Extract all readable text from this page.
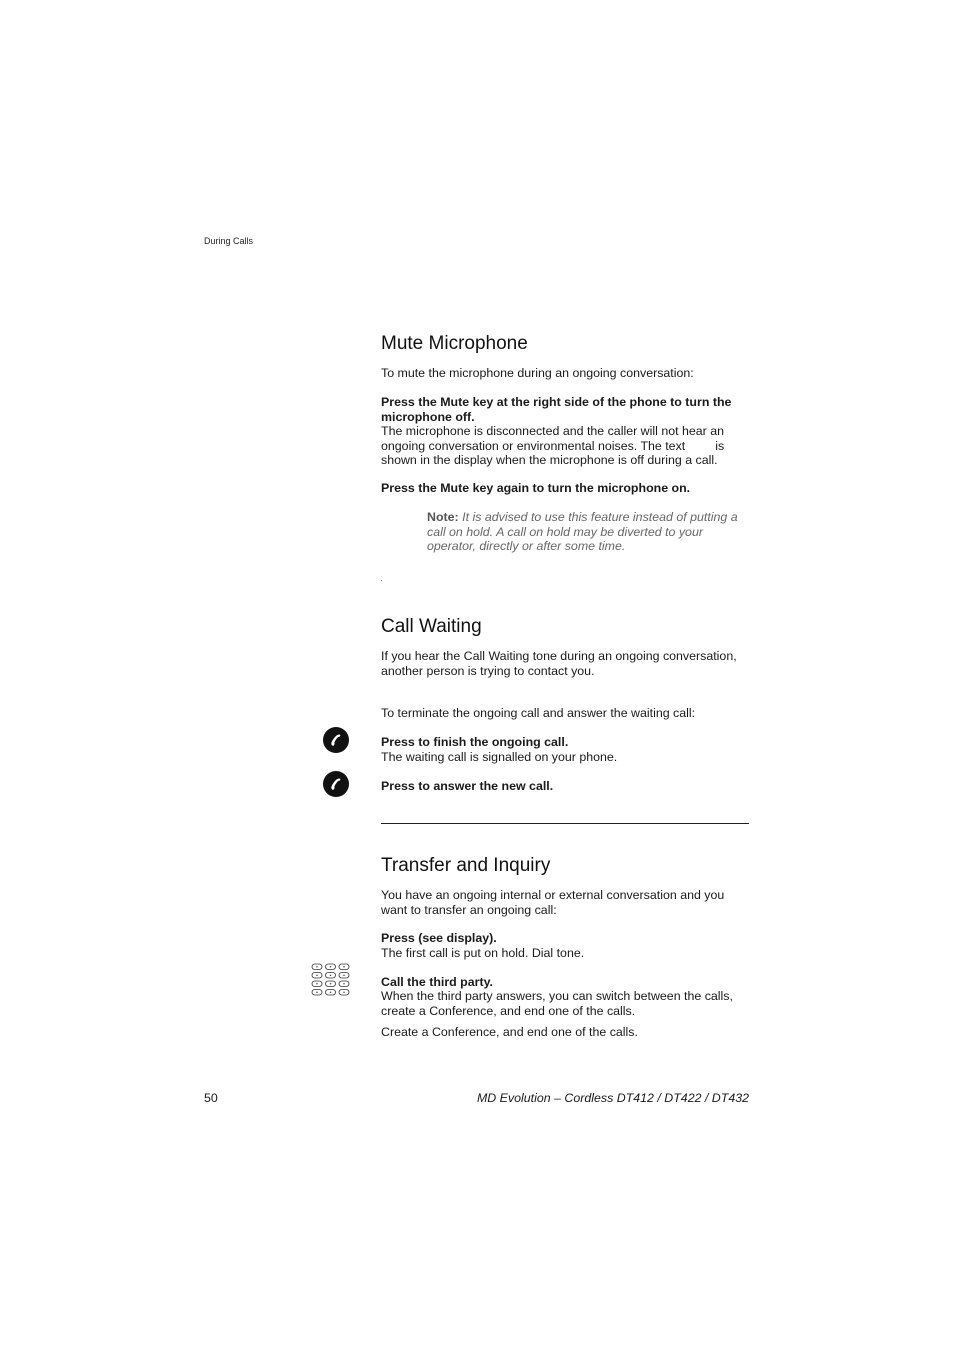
During Calls
Mute Microphone
To mute the microphone during an ongoing conversation:
Press the Mute key at the right side of the phone to turn the microphone off.
The microphone is disconnected and the caller will not hear an
ongoing conversation or environmental noises. The text is
shown in the display when the microphone is off during a call.
Press the Mute key again to turn the microphone on.
Note: It is advised to use this feature instead of putting a call on hold. A call on hold may be diverted to your operator, directly or after some time.
Call Waiting
If you hear the Call Waiting tone during an ongoing conversation, another person is trying to contact you.
To terminate the ongoing call and answer the waiting call:
Press to finish the ongoing call.
The waiting call is signalled on your phone.
Press to answer the new call.
Transfer and Inquiry
You have an ongoing internal or external conversation and you want to transfer an ongoing call:
Press (see display).
The first call is put on hold. Dial tone.
Call the third party.
When the third party answers, you can switch between the calls, create a Conference, and end one of the calls.
Create a Conference, and end one of the calls.
50	MD Evolution – Cordless DT412 / DT422 / DT432
